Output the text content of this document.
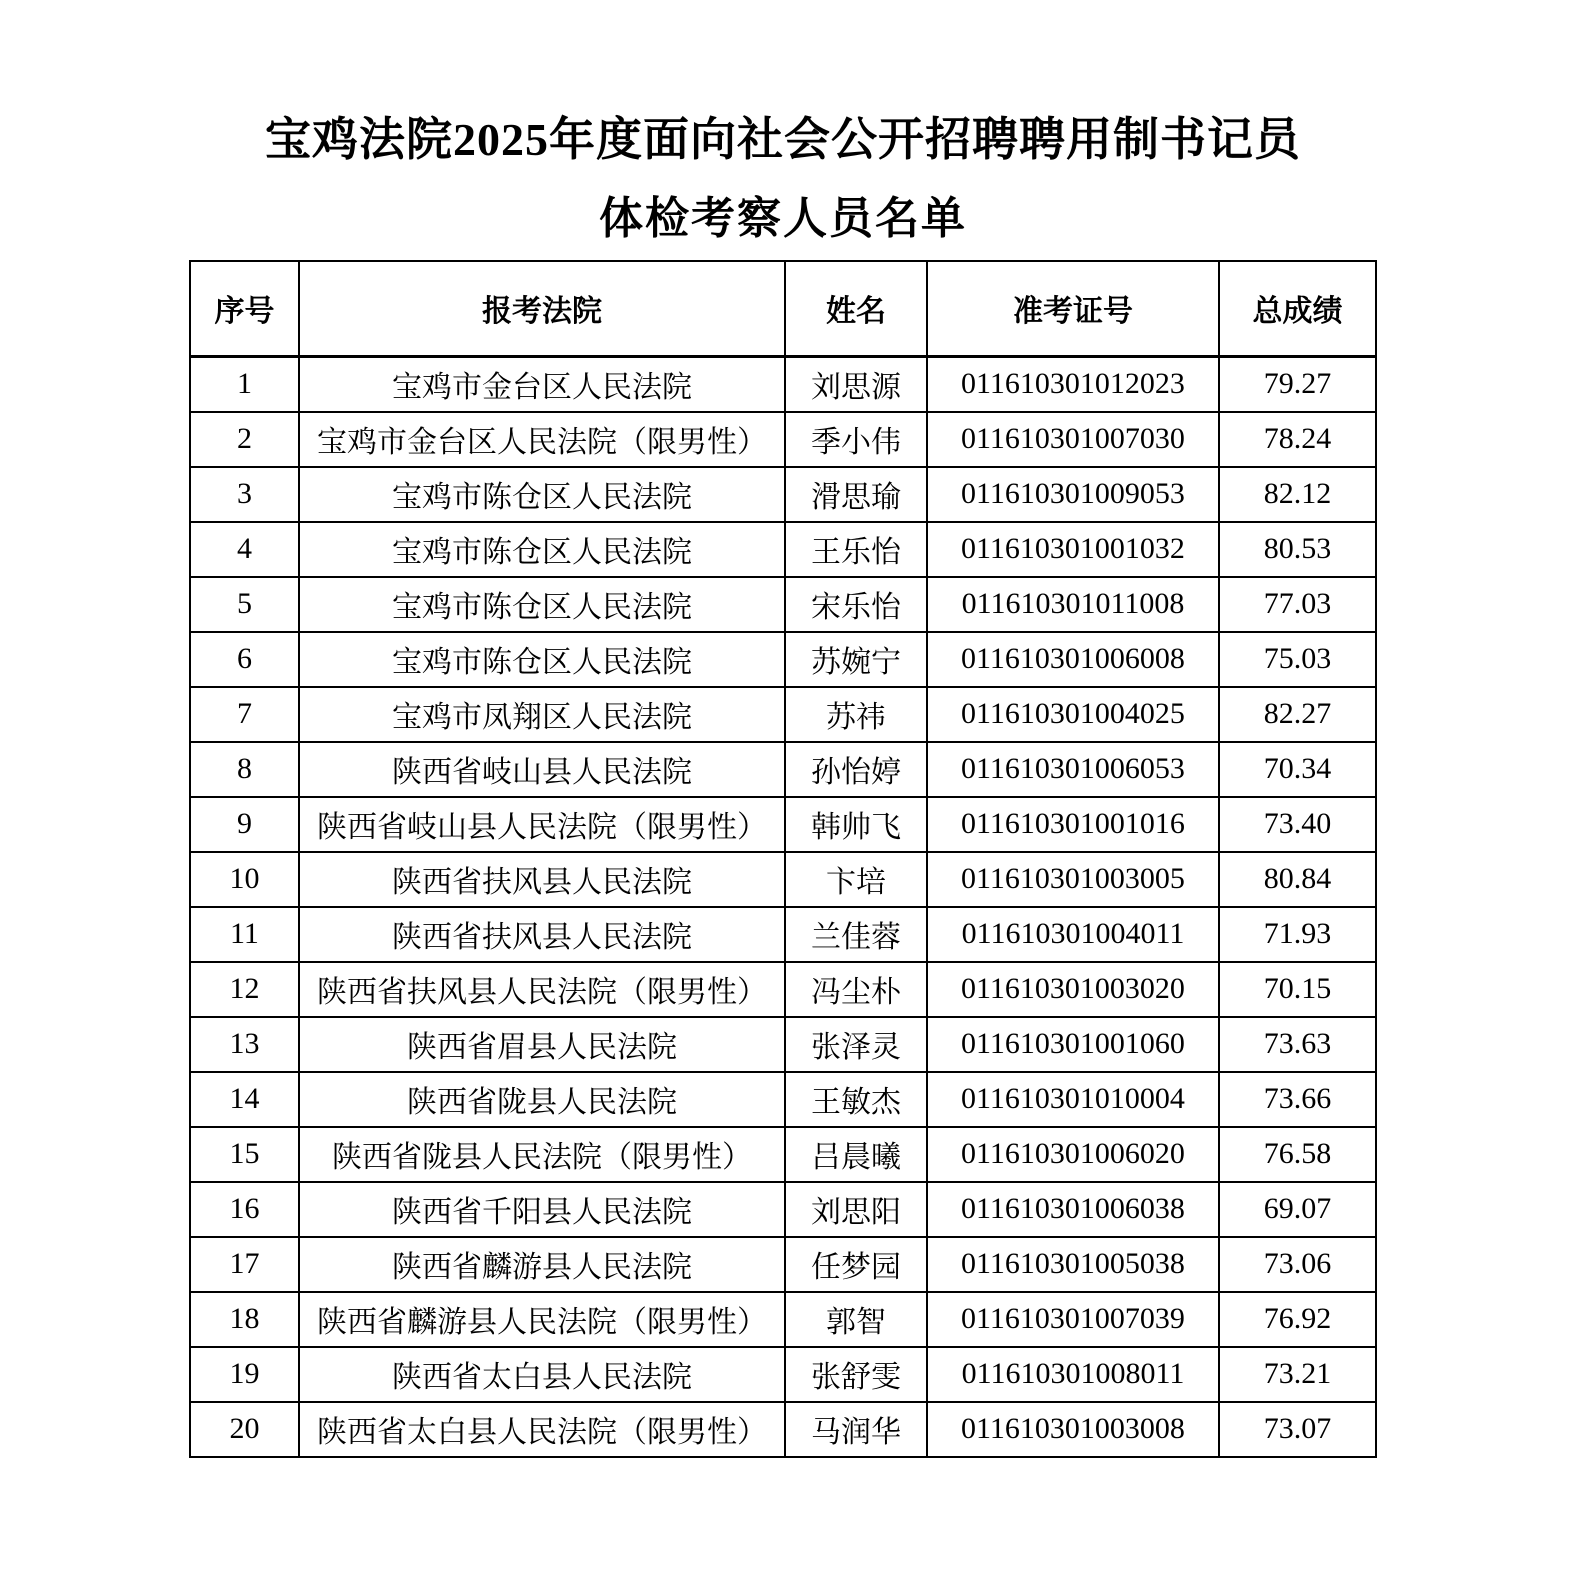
宝鸡法院2025年度面向社会公开招聘聘用制书记员
体检考察人员名单
序号	报考法院	姓名	准考证号	总成绩
1	宝鸡市金台区人民法院	刘思源	011610301012023	79.27
2	宝鸡市金台区人民法院（限男性）	季小伟	011610301007030	78.24
3	宝鸡市陈仓区人民法院	滑思瑜	011610301009053	82.12
4	宝鸡市陈仓区人民法院	王乐怡	011610301001032	80.53
5	宝鸡市陈仓区人民法院	宋乐怡	011610301011008	77.03
6	宝鸡市陈仓区人民法院	苏婉宁	011610301006008	75.03
7	宝鸡市凤翔区人民法院	苏祎	011610301004025	82.27
8	陕西省岐山县人民法院	孙怡婷	011610301006053	70.34
9	陕西省岐山县人民法院（限男性）	韩帅飞	011610301001016	73.40
10	陕西省扶风县人民法院	卞培	011610301003005	80.84
11	陕西省扶风县人民法院	兰佳蓉	011610301004011	71.93
12	陕西省扶风县人民法院（限男性）	冯尘朴	011610301003020	70.15
13	陕西省眉县人民法院	张泽灵	011610301001060	73.63
14	陕西省陇县人民法院	王敏杰	011610301010004	73.66
15	陕西省陇县人民法院（限男性）	吕晨曦	011610301006020	76.58
16	陕西省千阳县人民法院	刘思阳	011610301006038	69.07
17	陕西省麟游县人民法院	任梦园	011610301005038	73.06
18	陕西省麟游县人民法院（限男性）	郭智	011610301007039	76.92
19	陕西省太白县人民法院	张舒雯	011610301008011	73.21
20	陕西省太白县人民法院（限男性）	马润华	011610301003008	73.07
